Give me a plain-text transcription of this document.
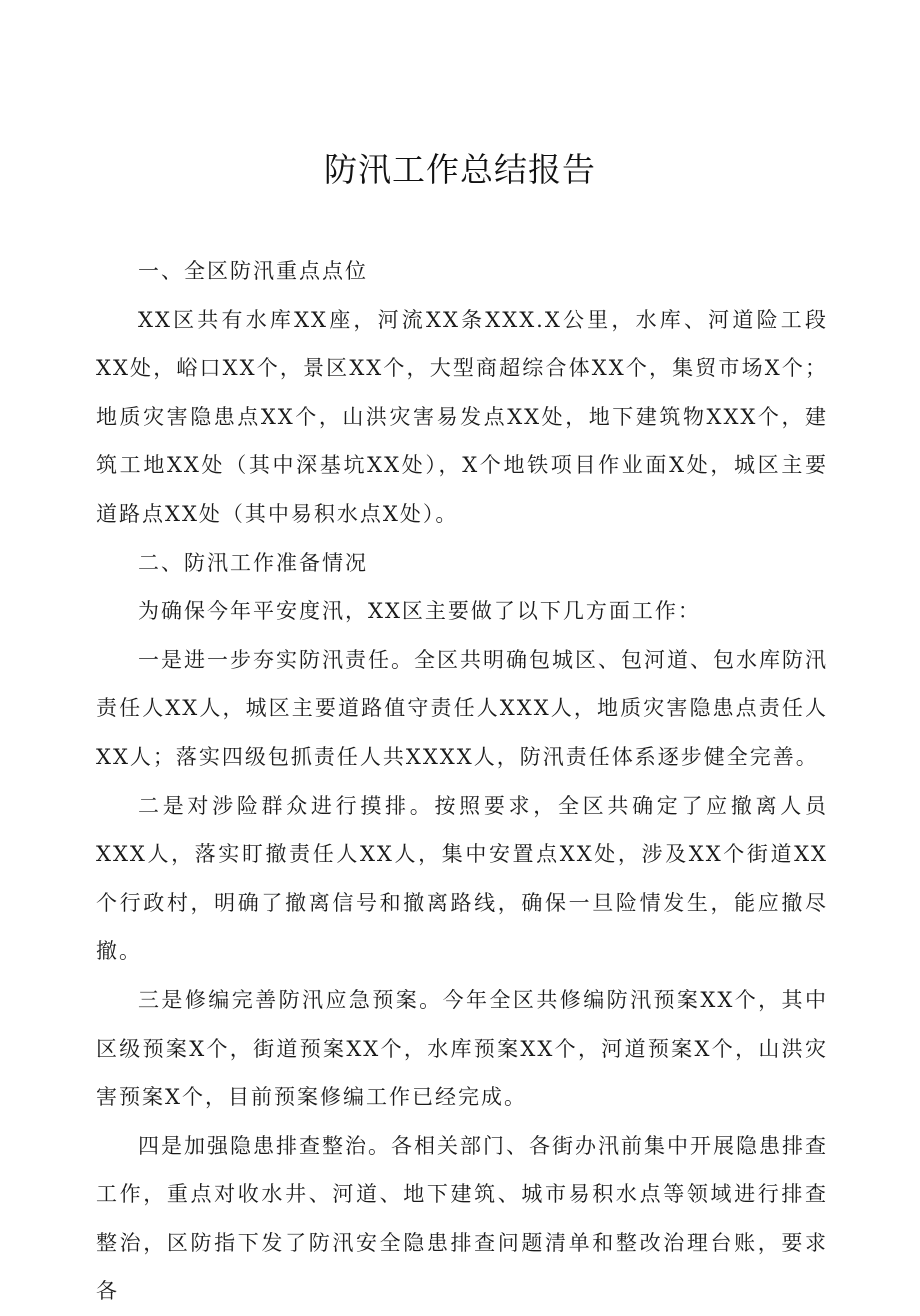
防汛工作总结报告

一、全区防汛重点点位

XX区共有水库XX座，河流XX条XXX.X公里，水库、河道险工段XX处，峪口XX个，景区XX个，大型商超综合体XX个，集贸市场X个；地质灾害隐患点XX个，山洪灾害易发点XX处，地下建筑物XXX个，建筑工地XX处（其中深基坑XX处），X个地铁项目作业面X处，城区主要道路点XX处（其中易积水点X处）。

二、防汛工作准备情况

为确保今年平安度汛，XX区主要做了以下几方面工作：

一是进一步夯实防汛责任。全区共明确包城区、包河道、包水库防汛责任人XX人，城区主要道路值守责任人XXX人，地质灾害隐患点责任人XX人；落实四级包抓责任人共XXXX人，防汛责任体系逐步健全完善。

二是对涉险群众进行摸排。按照要求，全区共确定了应撤离人员XXX人，落实盯撤责任人XX人，集中安置点XX处，涉及XX个街道XX个行政村，明确了撤离信号和撤离路线，确保一旦险情发生，能应撤尽撤。

三是修编完善防汛应急预案。今年全区共修编防汛预案XX个，其中区级预案X个，街道预案XX个，水库预案XX个，河道预案X个，山洪灾害预案X个，目前预案修编工作已经完成。

四是加强隐患排查整治。各相关部门、各街办汛前集中开展隐患排查工作，重点对收水井、河道、地下建筑、城市易积水点等领域进行排查整治，区防指下发了防汛安全隐患排查问题清单和整改治理台账，要求各
